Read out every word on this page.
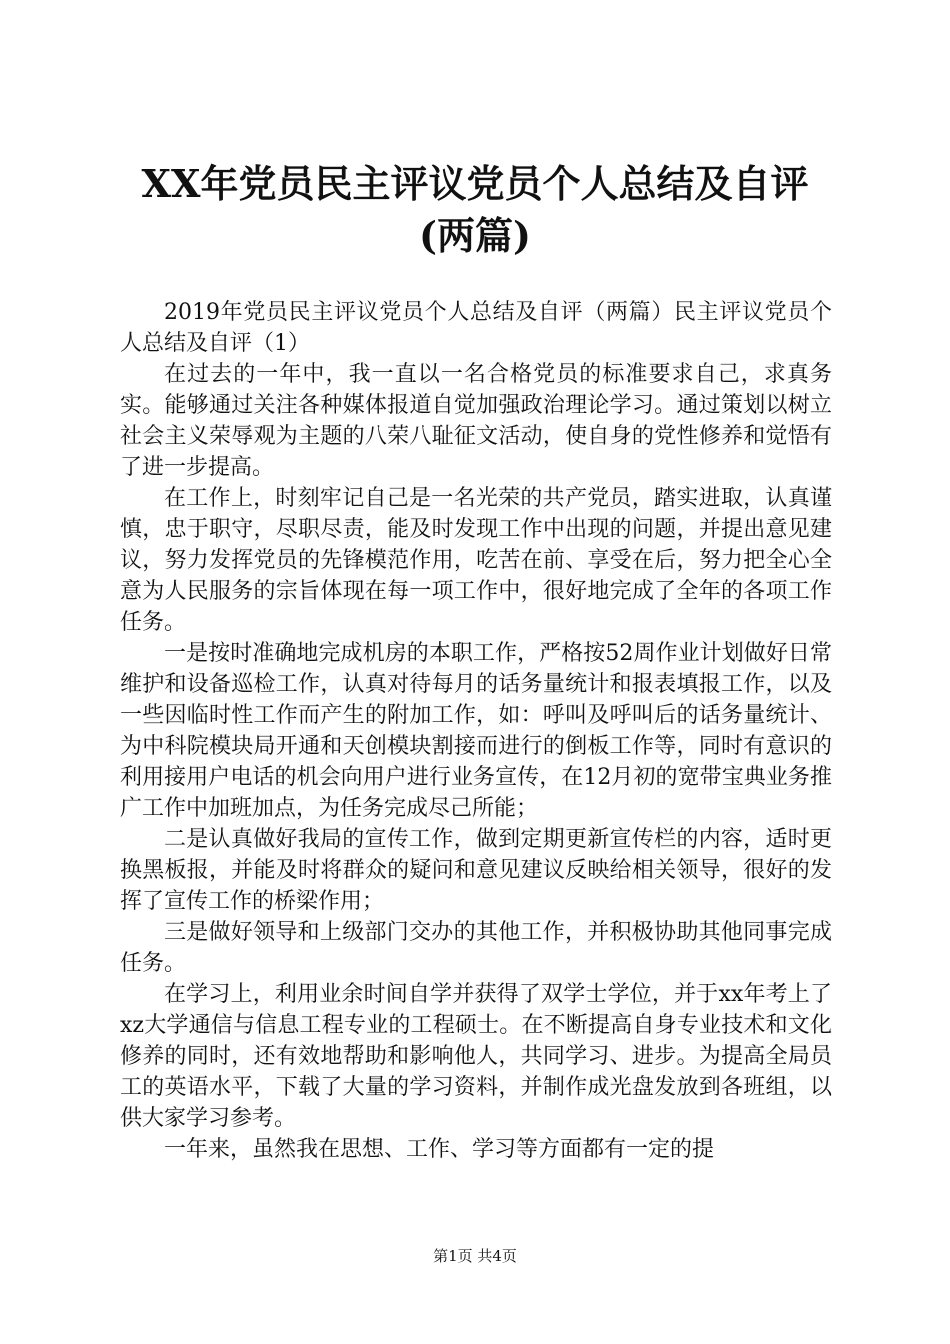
XX年党员民主评议党员个人总结及自评(两篇)

2019年党员民主评议党员个人总结及自评（两篇）民主评议党员个人总结及自评（1）

在过去的一年中，我一直以一名合格党员的标准要求自己，求真务实。能够通过关注各种媒体报道自觉加强政治理论学习。通过策划以树立社会主义荣辱观为主题的八荣八耻征文活动，使自身的党性修养和觉悟有了进一步提高。

在工作上，时刻牢记自己是一名光荣的共产党员，踏实进取，认真谨慎，忠于职守，尽职尽责，能及时发现工作中出现的问题，并提出意见建议，努力发挥党员的先锋模范作用，吃苦在前、享受在后，努力把全心全意为人民服务的宗旨体现在每一项工作中，很好地完成了全年的各项工作任务。

一是按时准确地完成机房的本职工作，严格按52周作业计划做好日常维护和设备巡检工作，认真对待每月的话务量统计和报表填报工作，以及一些因临时性工作而产生的附加工作，如：呼叫及呼叫后的话务量统计、为中科院模块局开通和天创模块割接而进行的倒板工作等，同时有意识的利用接用户电话的机会向用户进行业务宣传，在12月初的宽带宝典业务推广工作中加班加点，为任务完成尽己所能；

二是认真做好我局的宣传工作，做到定期更新宣传栏的内容，适时更换黑板报，并能及时将群众的疑问和意见建议反映给相关领导，很好的发挥了宣传工作的桥梁作用；

三是做好领导和上级部门交办的其他工作，并积极协助其他同事完成任务。

在学习上，利用业余时间自学并获得了双学士学位，并于xx年考上了xz大学通信与信息工程专业的工程硕士。在不断提高自身专业技术和文化修养的同时，还有效地帮助和影响他人，共同学习、进步。为提高全局员工的英语水平，下载了大量的学习资料，并制作成光盘发放到各班组，以供大家学习参考。

一年来，虽然我在思想、工作、学习等方面都有一定的提

第1页 共4页
